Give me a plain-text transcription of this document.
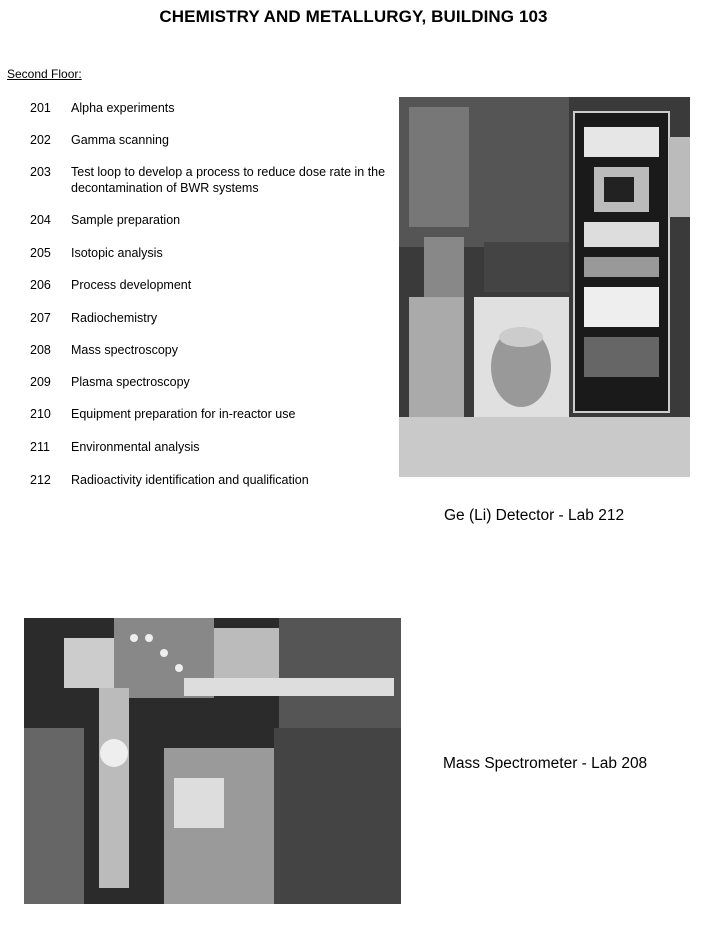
CHEMISTRY AND METALLURGY, BUILDING 103
Second Floor:
201	Alpha experiments
202	Gamma scanning
203	Test loop to develop a process to reduce dose rate in the decontamination of BWR systems
204	Sample preparation
205	Isotopic analysis
206	Process development
207	Radiochemistry
208	Mass spectroscopy
209	Plasma spectroscopy
210	Equipment preparation for in-reactor use
211	Environmental analysis
212	Radioactivity identification and qualification
Ge (Li) Detector - Lab 212
Mass Spectrometer - Lab 208
